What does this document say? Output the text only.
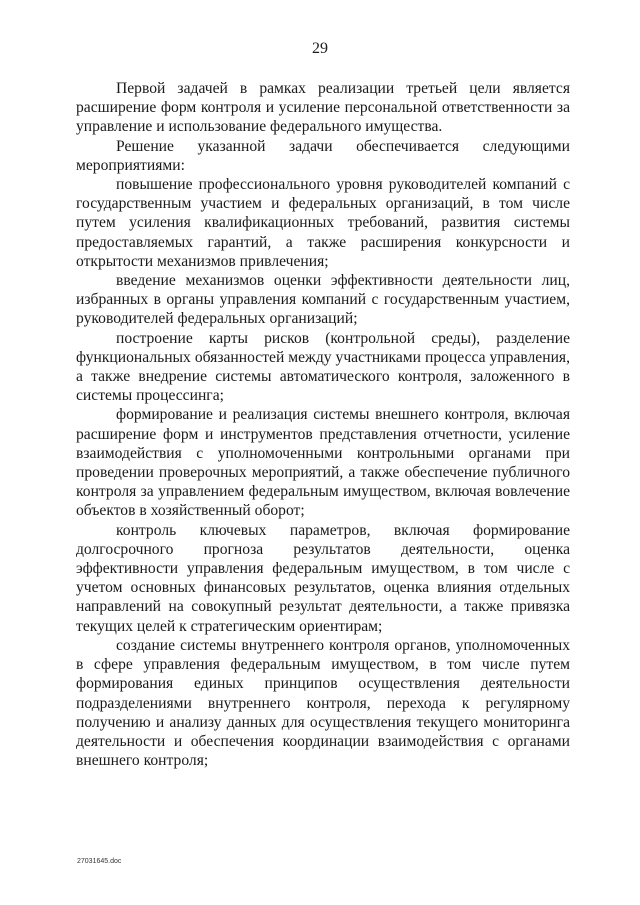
29

Первой задачей в рамках реализации третьей цели является расширение форм контроля и усиление персональной ответственности за управление и использование федерального имущества.

Решение указанной задачи обеспечивается следующими мероприятиями:

повышение профессионального уровня руководителей компаний с государственным участием и федеральных организаций, в том числе путем усиления квалификационных требований, развития системы предоставляемых гарантий, а также расширения конкурсности и открытости механизмов привлечения;

введение механизмов оценки эффективности деятельности лиц, избранных в органы управления компаний с государственным участием, руководителей федеральных организаций;

построение карты рисков (контрольной среды), разделение функциональных обязанностей между участниками процесса управления, а также внедрение системы автоматического контроля, заложенного в системы процессинга;

формирование и реализация системы внешнего контроля, включая расширение форм и инструментов представления отчетности, усиление взаимодействия с уполномоченными контрольными органами при проведении проверочных мероприятий, а также обеспечение публичного контроля за управлением федеральным имуществом, включая вовлечение объектов в хозяйственный оборот;

контроль ключевых параметров, включая формирование долгосрочного прогноза результатов деятельности, оценка эффективности управления федеральным имуществом, в том числе с учетом основных финансовых результатов, оценка влияния отдельных направлений на совокупный результат деятельности, а также привязка текущих целей к стратегическим ориентирам;

создание системы внутреннего контроля органов, уполномоченных в сфере управления федеральным имуществом, в том числе путем формирования единых принципов осуществления деятельности подразделениями внутреннего контроля, перехода к регулярному получению и анализу данных для осуществления текущего мониторинга деятельности и обеспечения координации взаимодействия с органами внешнего контроля;

27031645.doc
